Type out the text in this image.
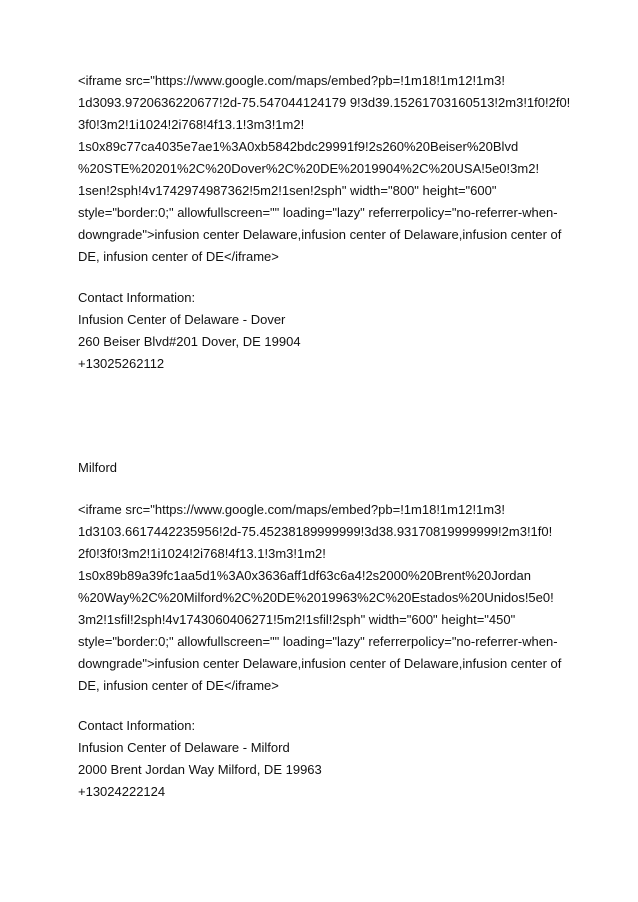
<iframe src="https://www.google.com/maps/embed?pb=!1m18!1m12!1m3!
1d3093.9720636220677!2d-75.547044124179 9!3d39.15261703160513!2m3!1f0!2f0!
3f0!3m2!1i1024!2i768!4f13.1!3m3!1m2!
1s0x89c77ca4035e7ae1%3A0xb5842bdc29991f9!2s260%20Beiser%20Blvd
%20STE%20201%2C%20Dover%2C%20DE%2019904%2C%20USA!5e0!3m2!
1sen!2sph!4v1742974987362!5m2!1sen!2sph" width="800" height="600"
style="border:0;" allowfullscreen="" loading="lazy" referrerpolicy="no-referrer-when-
downgrade">infusion center Delaware,infusion center of Delaware,infusion center of
DE, infusion center of DE</iframe>
Contact Information:
Infusion Center of Delaware - Dover
260 Beiser Blvd#201 Dover, DE 19904
+13025262112
Milford
<iframe src="https://www.google.com/maps/embed?pb=!1m18!1m12!1m3!
1d3103.6617442235956!2d-75.45238189999999!3d38.93170819999999!2m3!1f0!
2f0!3f0!3m2!1i1024!2i768!4f13.1!3m3!1m2!
1s0x89b89a39fc1aa5d1%3A0x3636aff1df63c6a4!2s2000%20Brent%20Jordan
%20Way%2C%20Milford%2C%20DE%2019963%2C%20Estados%20Unidos!5e0!
3m2!1sfil!2sph!4v1743060406271!5m2!1sfil!2sph" width="600" height="450"
style="border:0;" allowfullscreen="" loading="lazy" referrerpolicy="no-referrer-when-
downgrade">infusion center Delaware,infusion center of Delaware,infusion center of
DE, infusion center of DE</iframe>
Contact Information:
Infusion Center of Delaware - Milford
2000 Brent Jordan Way Milford, DE 19963
+13024222124
